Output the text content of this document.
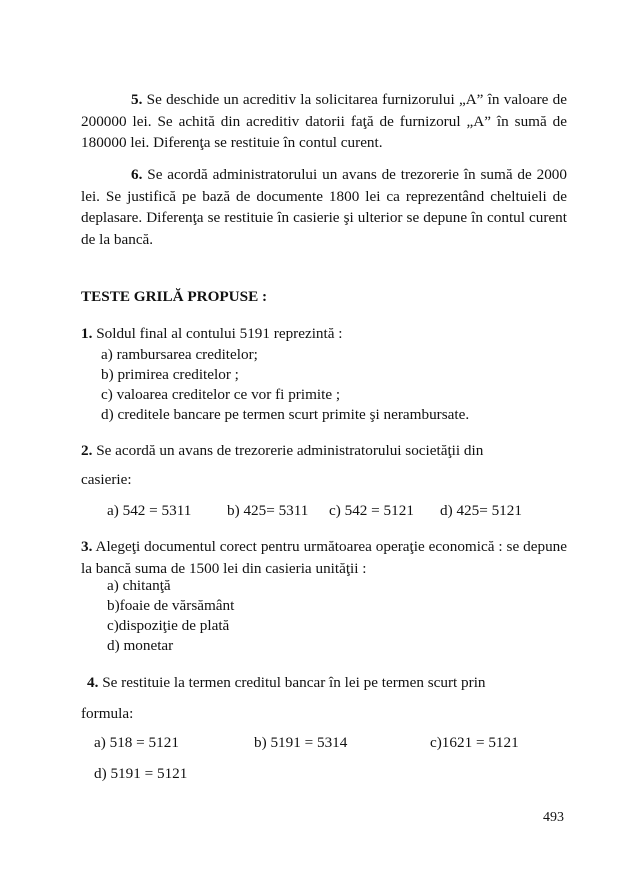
5. Se deschide un acreditiv la solicitarea furnizorului „A” în valoare de 200000 lei. Se achită din acreditiv datorii faţă de furnizorul „A” în sumă de 180000 lei. Diferenţa se restituie în contul curent.

6. Se acordă administratorului un avans de trezorerie în sumă de 2000 lei. Se justifică pe bază de documente 1800 lei ca reprezentând cheltuieli de deplasare. Diferenţa se restituie în casierie şi ulterior se depune în contul curent de la bancă.

TESTE GRILĂ PROPUSE :

1. Soldul final al contului 5191 reprezintă :

a) rambursarea creditelor;

b) primirea creditelor ;

c) valoarea creditelor ce vor fi primite ;

d) creditele bancare pe termen scurt primite şi nerambursate.

2. Se acordă un avans de trezorerie administratorului societăţii din

casierie:

a) 542 = 5311 b) 425= 5311 c) 542 = 5121 d) 425= 5121

3. Alegeţi documentul corect pentru următoarea operaţie economică : se depune la bancă suma de 1500 lei din casieria unităţii :

a) chitanţă

b)foaie de vărsământ

c)dispoziţie de plată

d) monetar

4. Se restituie la termen creditul bancar în lei pe termen scurt prin

formula:

a) 518 = 5121	b) 5191 = 5314	c)1621 = 5121

d) 5191 = 5121

493
